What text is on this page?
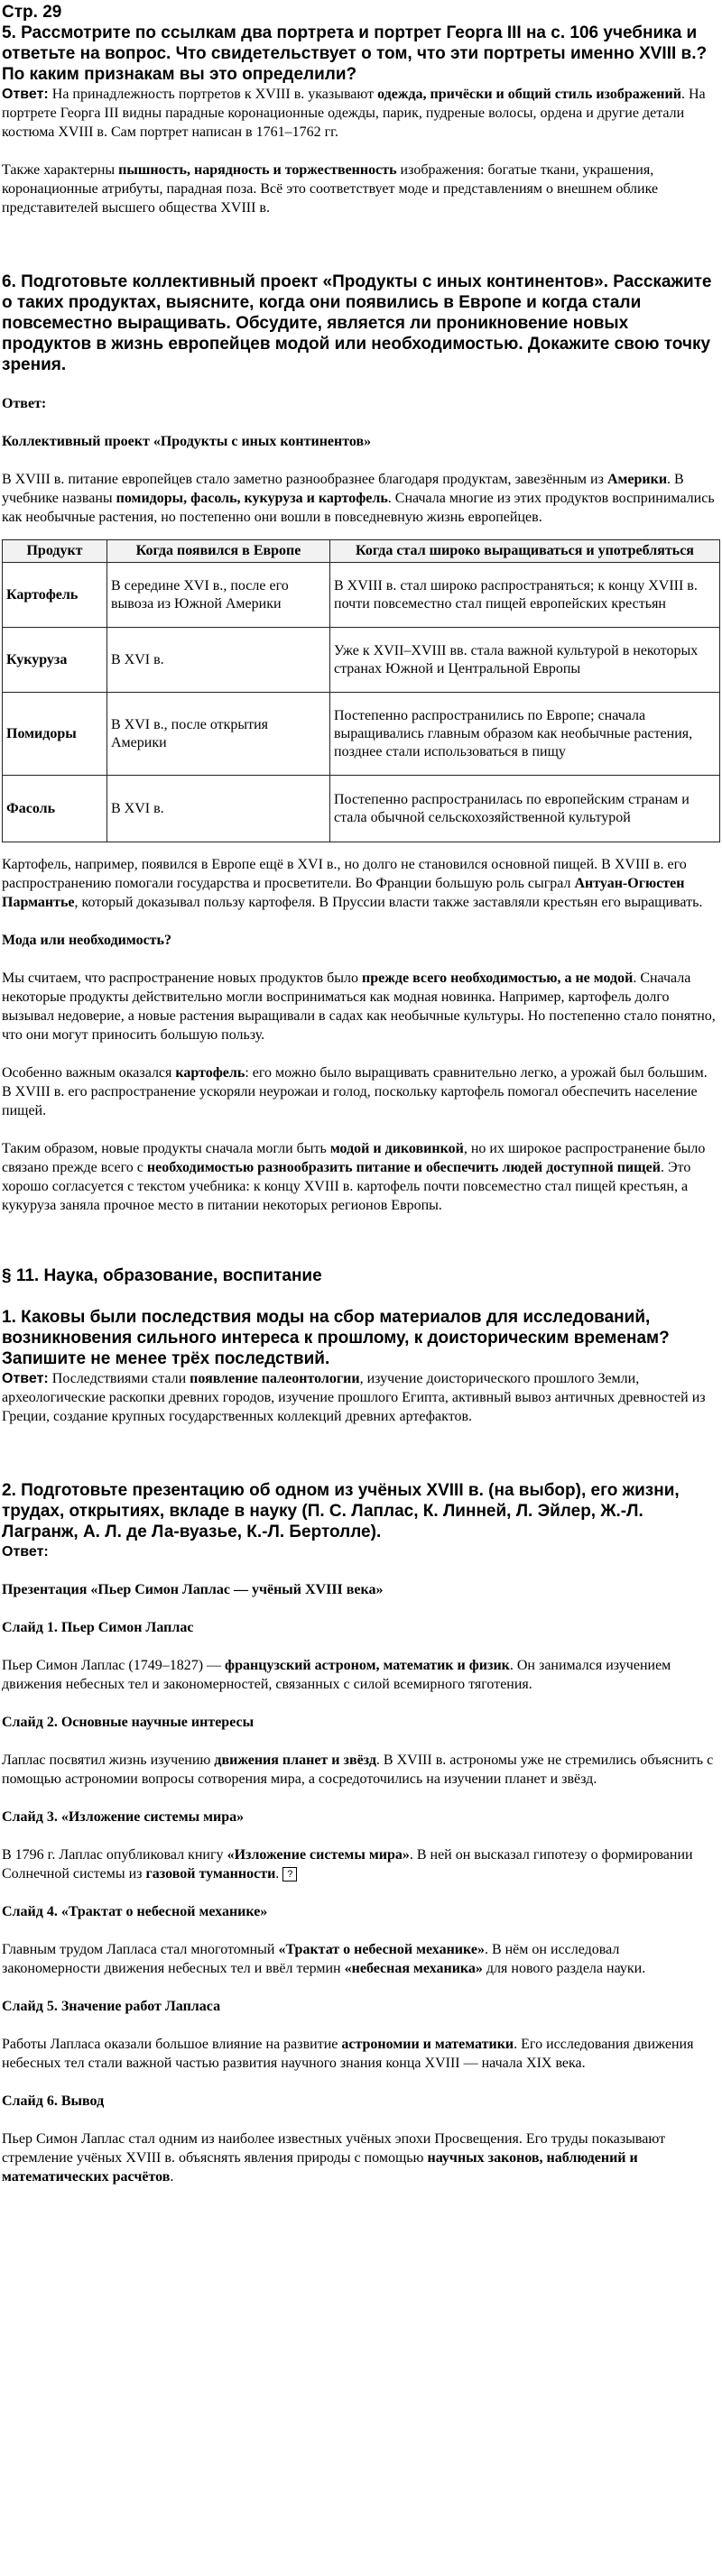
Стр. 29

5. Рассмотрите по ссылкам два портрета и портрет Георга III на с. 106 учебника и ответьте на вопрос. Что свидетельствует о том, что эти портреты именно XVIII в.? По каким признакам вы это определили?

Ответ: На принадлежность портретов к XVIII в. указывают одежда, причёски и общий стиль изображений. На портрете Георга III видны парадные коронационные одежды, парик, пудреные волосы, ордена и другие детали костюма XVIII в. Сам портрет написан в 1761–1762 гг.

Также характерны пышность, нарядность и торжественность изображения: богатые ткани, украшения, коронационные атрибуты, парадная поза. Всё это соответствует моде и представлениям о внешнем облике представителей высшего общества XVIII в.

6. Подготовьте коллективный проект «Продукты с иных континентов». Расскажите о таких продуктах, выясните, когда они появились в Европе и когда стали повсеместно выращивать. Обсудите, является ли проникновение новых продуктов в жизнь европейцев модой или необходимостью. Докажите свою точку зрения.

Ответ:

Коллективный проект «Продукты с иных континентов»

В XVIII в. питание европейцев стало заметно разнообразнее благодаря продуктам, завезённым из Америки. В учебнике названы помидоры, фасоль, кукуруза и картофель. Сначала многие из этих продуктов воспринимались как необычные растения, но постепенно они вошли в повседневную жизнь европейцев.

Продукт	Когда появился в Европе	Когда стал широко выращиваться и употребляться
Картофель	В середине XVI в., после его вывоза из Южной Америки	В XVIII в. стал широко распространяться; к концу XVIII в. почти повсеместно стал пищей европейских крестьян
Кукуруза	В XVI в.	Уже к XVII–XVIII вв. стала важной культурой в некоторых странах Южной и Центральной Европы
Помидоры	В XVI в., после открытия Америки	Постепенно распространились по Европе; сначала выращивались главным образом как необычные растения, позднее стали использоваться в пищу
Фасоль	В XVI в.	Постепенно распространилась по европейским странам и стала обычной сельскохозяйственной культурой

Картофель, например, появился в Европе ещё в XVI в., но долго не становился основной пищей. В XVIII в. его распространению помогали государства и просветители. Во Франции большую роль сыграл Антуан-Огюстен Пармантье, который доказывал пользу картофеля. В Пруссии власти также заставляли крестьян его выращивать.

Мода или необходимость?

Мы считаем, что распространение новых продуктов было прежде всего необходимостью, а не модой. Сначала некоторые продукты действительно могли восприниматься как модная новинка. Например, картофель долго вызывал недоверие, а новые растения выращивали в садах как необычные культуры. Но постепенно стало понятно, что они могут приносить большую пользу.

Особенно важным оказался картофель: его можно было выращивать сравнительно легко, а урожай был большим. В XVIII в. его распространение ускоряли неурожаи и голод, поскольку картофель помогал обеспечить население пищей.

Таким образом, новые продукты сначала могли быть модой и диковинкой, но их широкое распространение было связано прежде всего с необходимостью разнообразить питание и обеспечить людей доступной пищей. Это хорошо согласуется с текстом учебника: к концу XVIII в. картофель почти повсеместно стал пищей крестьян, а кукуруза заняла прочное место в питании некоторых регионов Европы.

§ 11. Наука, образование, воспитание

1. Каковы были последствия моды на сбор материалов для исследований, возникновения сильного интереса к прошлому, к доисторическим временам? Запишите не менее трёх последствий.

Ответ: Последствиями стали появление палеонтологии, изучение доисторического прошлого Земли, археологические раскопки древних городов, изучение прошлого Египта, активный вывоз античных древностей из Греции, создание крупных государственных коллекций древних артефактов.

2. Подготовьте презентацию об одном из учёных XVIII в. (на выбор), его жизни, трудах, открытиях, вкладе в науку (П. С. Лаплас, К. Линней, Л. Эйлер, Ж.-Л. Лагранж, А. Л. де Ла-вуазье, К.-Л. Бертолле).

Ответ:

Презентация «Пьер Симон Лаплас — учёный XVIII века»

Слайд 1. Пьер Симон Лаплас

Пьер Симон Лаплас (1749–1827) — французский астроном, математик и физик. Он занимался изучением движения небесных тел и закономерностей, связанных с силой всемирного тяготения.

Слайд 2. Основные научные интересы

Лаплас посвятил жизнь изучению движения планет и звёзд. В XVIII в. астрономы уже не стремились объяснить с помощью астрономии вопросы сотворения мира, а сосредоточились на изучении планет и звёзд.

Слайд 3. «Изложение системы мира»

В 1796 г. Лаплас опубликовал книгу «Изложение системы мира». В ней он высказал гипотезу о формировании Солнечной системы из газовой туманности. ?

Слайд 4. «Трактат о небесной механике»

Главным трудом Лапласа стал многотомный «Трактат о небесной механике». В нём он исследовал закономерности движения небесных тел и ввёл термин «небесная механика» для нового раздела науки.

Слайд 5. Значение работ Лапласа

Работы Лапласа оказали большое влияние на развитие астрономии и математики. Его исследования движения небесных тел стали важной частью развития научного знания конца XVIII — начала XIX века.

Слайд 6. Вывод

Пьер Симон Лаплас стал одним из наиболее известных учёных эпохи Просвещения. Его труды показывают стремление учёных XVIII в. объяснять явления природы с помощью научных законов, наблюдений и математических расчётов.
